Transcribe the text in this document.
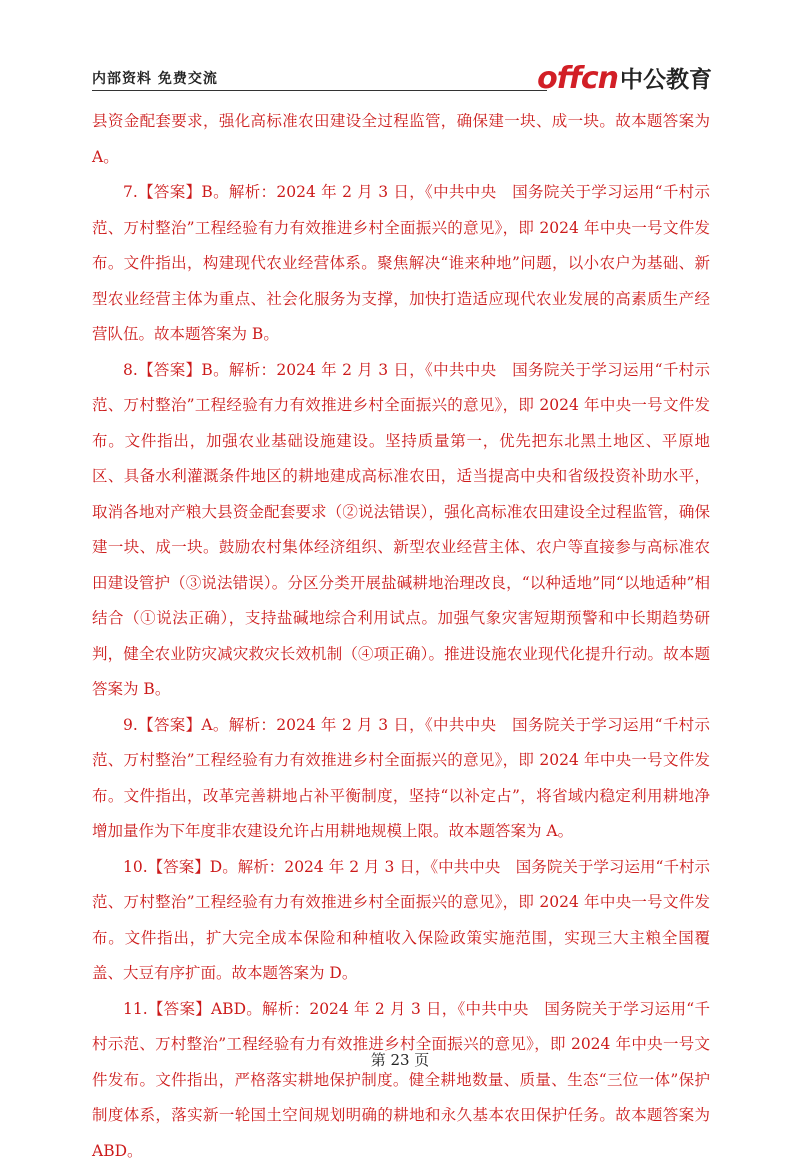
内部资料 免费交流	offcn 中公教育

县资金配套要求，强化高标准农田建设全过程监管，确保建一块、成一块。故本题答案为 A。

7.【答案】B。解析：2024 年 2 月 3 日，《中共中央　国务院关于学习运用“千村示范、万村整治”工程经验有力有效推进乡村全面振兴的意见》，即 2024 年中央一号文件发布。文件指出，构建现代农业经营体系。聚焦解决“谁来种地”问题，以小农户为基础、新型农业经营主体为重点、社会化服务为支撑，加快打造适应现代农业发展的高素质生产经营队伍。故本题答案为 B。

8.【答案】B。解析：2024 年 2 月 3 日，《中共中央　国务院关于学习运用“千村示范、万村整治”工程经验有力有效推进乡村全面振兴的意见》，即 2024 年中央一号文件发布。文件指出，加强农业基础设施建设。坚持质量第一，优先把东北黑土地区、平原地区、具备水利灌溉条件地区的耕地建成高标准农田，适当提高中央和省级投资补助水平，取消各地对产粮大县资金配套要求（②说法错误），强化高标准农田建设全过程监管，确保建一块、成一块。鼓励农村集体经济组织、新型农业经营主体、农户等直接参与高标准农田建设管护（③说法错误）。分区分类开展盐碱耕地治理改良，“以种适地”同“以地适种”相结合（①说法正确），支持盐碱地综合利用试点。加强气象灾害短期预警和中长期趋势研判，健全农业防灾减灾救灾长效机制（④项正确）。推进设施农业现代化提升行动。故本题答案为 B。

9.【答案】A。解析：2024 年 2 月 3 日，《中共中央　国务院关于学习运用“千村示范、万村整治”工程经验有力有效推进乡村全面振兴的意见》，即 2024 年中央一号文件发布。文件指出，改革完善耕地占补平衡制度，坚持“以补定占”，将省域内稳定利用耕地净增加量作为下年度非农建设允许占用耕地规模上限。故本题答案为 A。

10.【答案】D。解析：2024 年 2 月 3 日，《中共中央　国务院关于学习运用“千村示范、万村整治”工程经验有力有效推进乡村全面振兴的意见》，即 2024 年中央一号文件发布。文件指出，扩大完全成本保险和种植收入保险政策实施范围，实现三大主粮全国覆盖、大豆有序扩面。故本题答案为 D。

11.【答案】ABD。解析：2024 年 2 月 3 日，《中共中央　国务院关于学习运用“千村示范、万村整治”工程经验有力有效推进乡村全面振兴的意见》，即 2024 年中央一号文件发布。文件指出，严格落实耕地保护制度。健全耕地数量、质量、生态“三位一体”保护制度体系，落实新一轮国土空间规划明确的耕地和永久基本农田保护任务。故本题答案为 ABD。

第 23 页
